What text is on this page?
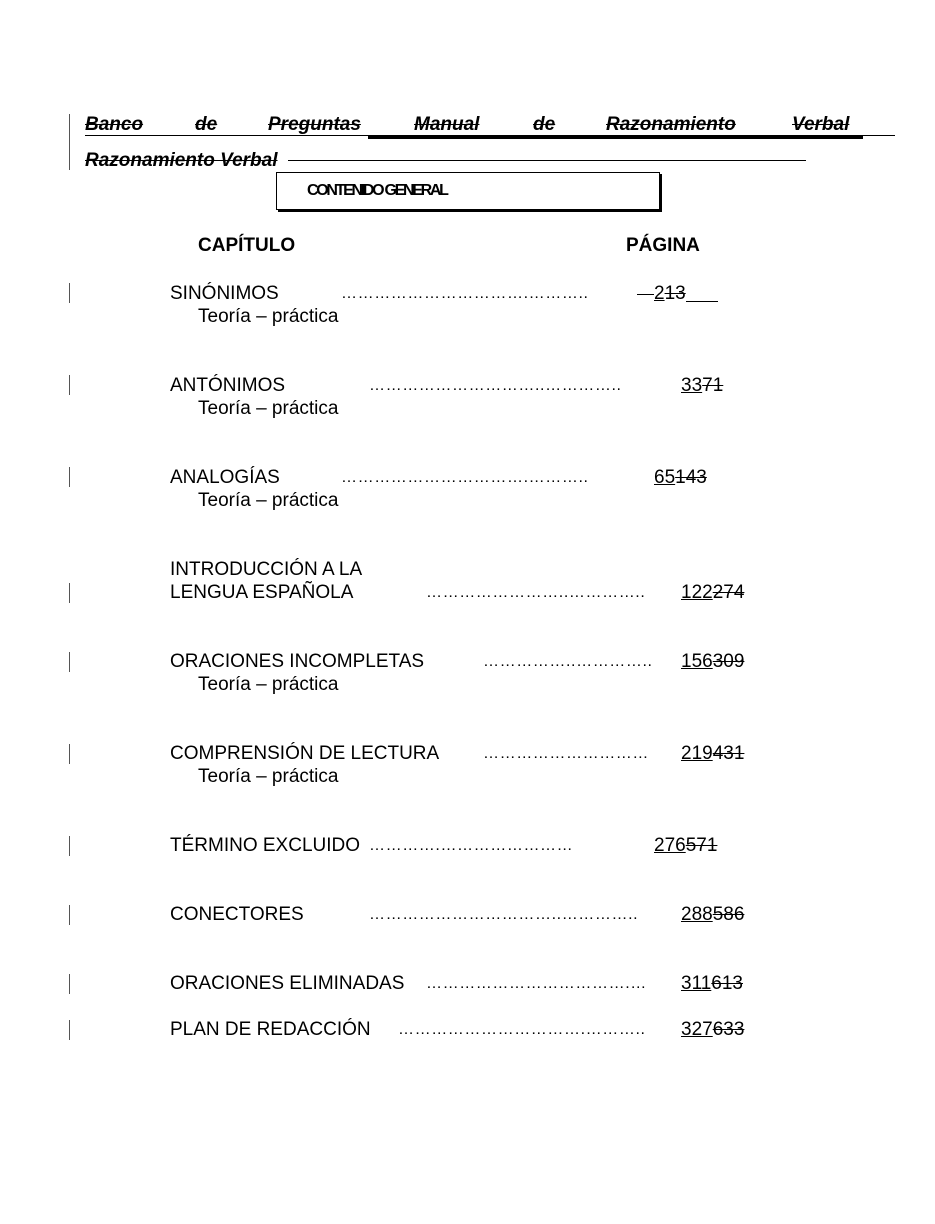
Banco	de	Preguntas	Manual	de	Razonamiento	Verbal
Razonamiento Verbal
CONTENIDO GENERAL
CAPÍTULO	PÁGINA
SINÓNIMOS	…………………………….………..	213
Teoría – práctica
ANTÓNIMOS	…………………………..…………..	3371
Teoría – práctica
ANALOGÍAS	…………………………….………..	65143
Teoría – práctica
INTRODUCCIÓN A LA
LENGUA ESPAÑOLA	……………………..………….. 122274
ORACIONES INCOMPLETAS	……………..………….. 156309
Teoría – práctica
COMPRENSIÓN DE LECTURA	………………………… 219431
Teoría – práctica
TÉRMINO EXCLUIDO ………….……………………	276571
CONECTORES	……………………………..………….. 288586
ORACIONES ELIMINADAS ……………………………….… 311613
PLAN DE REDACCIÓN …………………………….……….. 327633
